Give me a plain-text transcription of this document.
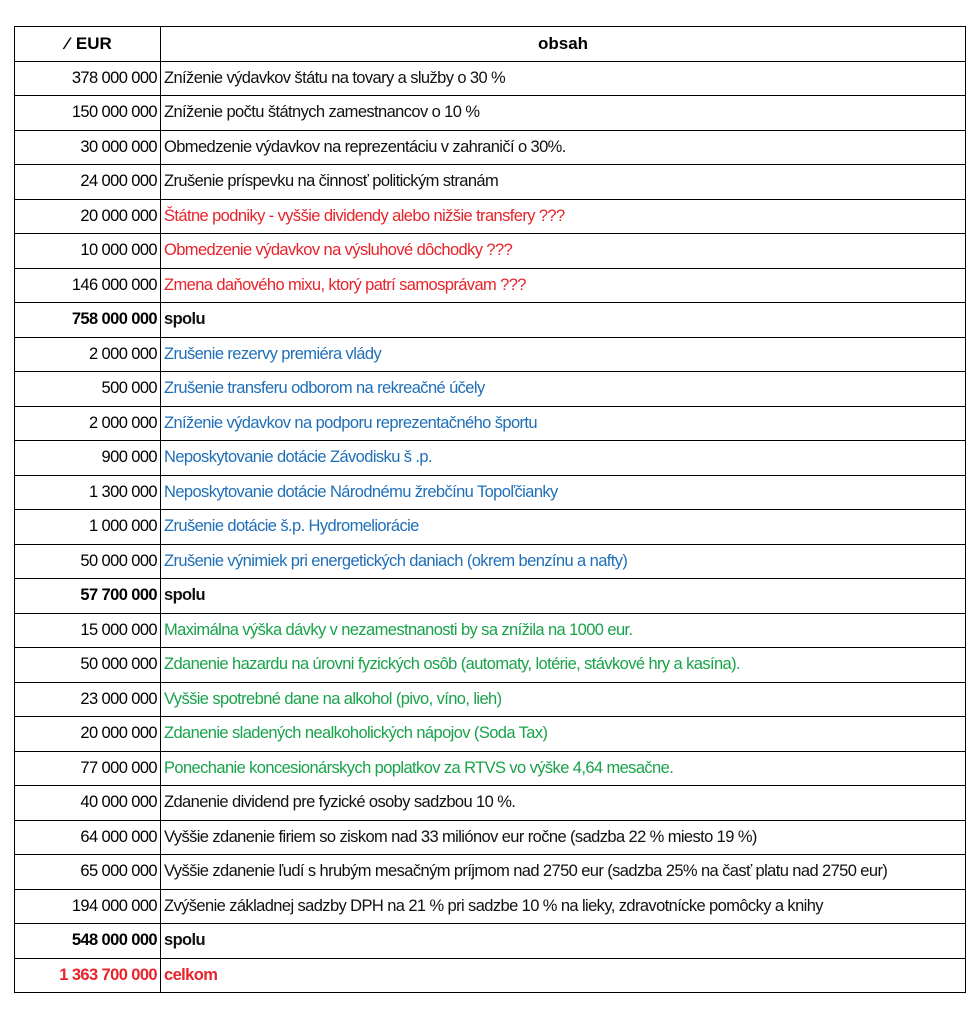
⁄ EUR	obsah
378 000 000	Zníženie výdavkov štátu na tovary a služby o 30 %
150 000 000	Zníženie počtu štátnych zamestnancov o 10 %
30 000 000	Obmedzenie výdavkov na reprezentáciu v zahraničí o 30%.
24 000 000	Zrušenie príspevku na činnosť politickým stranám
20 000 000	Štátne podniky - vyššie dividendy alebo nižšie transfery ???
10 000 000	Obmedzenie výdavkov na výsluhové dôchodky ???
146 000 000	Zmena daňového mixu, ktorý patrí samosprávam ???
758 000 000	spolu
2 000 000	Zrušenie rezervy premiéra vlády
500 000	Zrušenie transferu odborom na rekreačné účely
2 000 000	Zníženie výdavkov na podporu reprezentačného športu
900 000	Neposkytovanie dotácie Závodisku š .p.
1 300 000	Neposkytovanie dotácie Národnému žrebčínu Topoľčianky
1 000 000	Zrušenie dotácie š.p. Hydromeliorácie
50 000 000	Zrušenie výnimiek pri energetických daniach (okrem benzínu a nafty)
57 700 000	spolu
15 000 000	Maximálna výška dávky v nezamestnanosti by sa znížila na 1000 eur.
50 000 000	Zdanenie hazardu na úrovni fyzických osôb (automaty, lotérie, stávkové hry a kasína).
23 000 000	Vyššie spotrebné dane na alkohol (pivo, víno, lieh)
20 000 000	Zdanenie sladených nealkoholických nápojov (Soda Tax)
77 000 000	Ponechanie koncesionárskych poplatkov za RTVS vo výške 4,64 mesačne.
40 000 000	Zdanenie dividend pre fyzické osoby sadzbou 10 %.
64 000 000	Vyššie zdanenie firiem so ziskom nad 33 miliónov eur ročne (sadzba 22 % miesto 19 %)
65 000 000	Vyššie zdanenie ľudí s hrubým mesačným príjmom nad 2750 eur (sadzba 25% na časť platu nad 2750 eur)
194 000 000	Zvýšenie základnej sadzby DPH na 21 % pri sadzbe 10 % na lieky, zdravotnícke pomôcky a knihy
548 000 000	spolu
1 363 700 000	celkom
